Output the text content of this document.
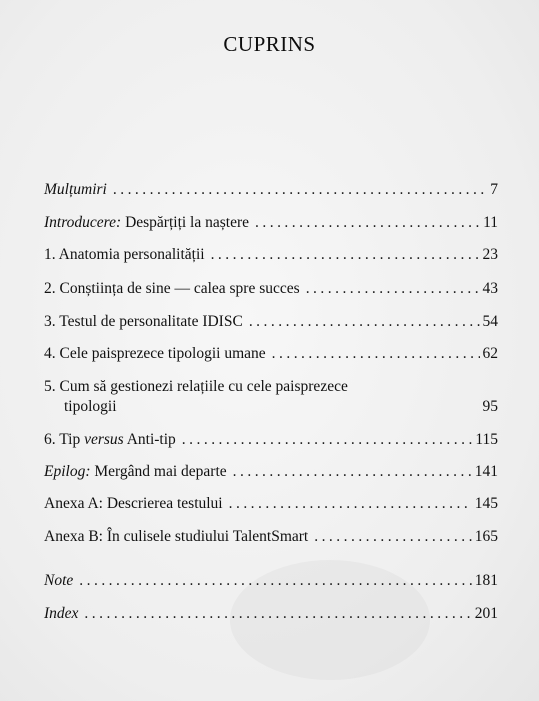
CUPRINS
Mulțumiri . . .	7
Introducere: Despărțiți la naștere . . .	11
1. Anatomia personalității . . .	23
2. Conștiința de sine — calea spre succes . . .	43
3. Testul de personalitate IDISC . . .	54
4. Cele paisprezece tipologii umane . . .	62
5. Cum să gestionezi relațiile cu cele paisprezece
tipologii	95
6. Tip versus Anti-tip . . .	115
Epilog: Mergând mai departe . . .	141
Anexa A: Descrierea testului . . .	145
Anexa B: În culisele studiului TalentSmart . . .	165
Note . . .	181
Index . . .	201
